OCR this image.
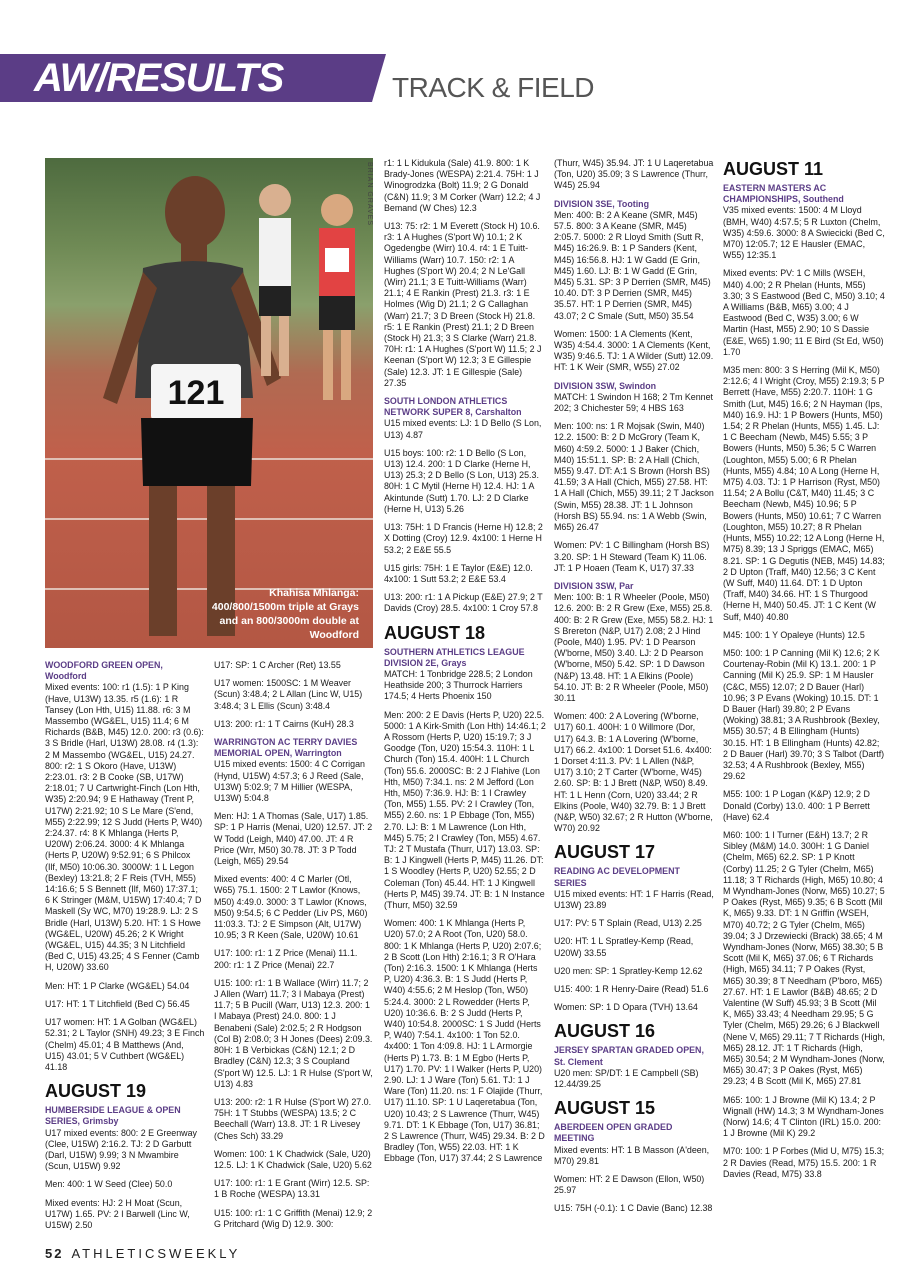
AW/RESULTS	TRACK & FIELD
121
Khahisa Mhlanga: 400/800/1500m triple at Grays and an 800/3000m double at Woodford
BRIAN GRAVES

WOODFORD GREEN OPEN, Woodford
Mixed events: 100: r1 (1.5): 1 P King (Have, U13W) 13.35. r5 (1.6): 1 R Tansey (Lon Hth, U15) 11.88. r6: 3 M Massembo (WG&EL, U15) 11.4; 6 M Richards (B&B, M45) 12.0. 200: r3 (0.6): 3 S Bridle (Harl, U13W) 28.08. r4 (1.3): 2 M Massembo (WG&EL, U15) 24.27. 800: r2: 1 S Okoro (Have, U13W) 2:23.01. r3: 2 B Cooke (SB, U17W) 2:18.01; 7 U Cartwright-Finch (Lon Hth, W35) 2:20.94; 9 E Hathaway (Trent P, U17W) 2:21.92; 10 S Le Mare (S'end, M55) 2:22.99; 12 S Judd (Herts P, W40) 2:24.37. r4: 8 K Mhlanga (Herts P, U20W) 2:06.24. 3000: 4 K Mhlanga (Herts P, U20W) 9:52.91; 6 S Philcox (Ilf, M50) 10:06.30. 3000W: 1 L Legon (Bexley) 13:21.8; 2 F Reis (TVH, M55) 14:16.6; 5 S Bennett (Ilf, M60) 17:37.1; 6 K Stringer (M&M, U15W) 17:40.4; 7 D Maskell (Sy WC, M70) 19:28.9. LJ: 2 S Bridle (Harl, U13W) 5.20. HT: 1 S Howe (WG&EL, U20W) 45.26; 2 K Wright (WG&EL, U15) 44.35; 3 N Litchfield (Bed C, U15) 43.25; 4 S Fenner (Camb H, U20W) 33.60

Men: HT: 1 P Clarke (WG&EL) 54.04

U17: HT: 1 T Litchfield (Bed C) 56.45

U17 women: HT: 1 A Golban (WG&EL) 52.31; 2 L Taylor (SNH) 49.23; 3 E Finch (Chelm) 45.01; 4 B Matthews (And, U15) 43.01; 5 V Cuthbert (WG&EL) 41.18

AUGUST 19

HUMBERSIDE LEAGUE & OPEN SERIES, Grimsby
U17 mixed events: 800: 2 E Greenway (Clee, U15W) 2:16.2. TJ: 2 D Garbutt (Darl, U15W) 9.99; 3 N Mwambire (Scun, U15W) 9.92

Men: 400: 1 W Seed (Clee) 50.0

Mixed events: HJ: 2 H Moat (Scun, U17W) 1.65. PV: 2 I Barwell (Linc W, U15W) 2.50

U17: SP: 1 C Archer (Ret) 13.55

U17 women: 1500SC: 1 M Weaver (Scun) 3:48.4; 2 L Allan (Linc W, U15) 3:48.4; 3 L Ellis (Scun) 3:48.4

U13: 200: r1: 1 T Cairns (KuH) 28.3

WARRINGTON AC TERRY DAVIES MEMORIAL OPEN, Warrington
U15 mixed events: 1500: 4 C Corrigan (Hynd, U15W) 4:57.3; 6 J Reed (Sale, U13W) 5:02.9; 7 M Hillier (WESPA, U13W) 5:04.8

Men: HJ: 1 A Thomas (Sale, U17) 1.85. SP: 1 P Harris (Menai, U20) 12.57. JT: 2 W Todd (Leigh, M40) 47.00. JT: 4 R Price (Wrr, M50) 30.78. JT: 3 P Todd (Leigh, M65) 29.54

Mixed events: 400: 4 C Marler (Otl, W65) 75.1. 1500: 2 T Lawlor (Knows, M50) 4:49.0. 3000: 3 T Lawlor (Knows, M50) 9:54.5; 6 C Pedder (Liv PS, M60) 11:03.3. TJ: 2 E Simpson (Alt, U17W) 10.95; 3 R Keen (Sale, U20W) 10.61

U17: 100: r1: 1 Z Price (Menai) 11.1. 200: r1: 1 Z Price (Menai) 22.7

U15: 100: r1: 1 B Wallace (Wirr) 11.7; 2 J Allen (Warr) 11.7; 3 I Mabaya (Prest) 11.7; 5 B Pucill (Warr, U13) 12.3. 200: 1 I Mabaya (Prest) 24.0. 800: 1 J Benabeni (Sale) 2:02.5; 2 R Hodgson (Col B) 2:08.0; 3 H Jones (Dees) 2:09.3. 80H: 1 B Verbickas (C&N) 12.1; 2 D Bradley (C&N) 12.3; 3 S Coupland (S'port W) 12.5. LJ: 1 R Hulse (S'port W, U13) 4.83

U13: 200: r2: 1 R Hulse (S'port W) 27.0. 75H: 1 T Stubbs (WESPA) 13.5; 2 C Beechall (Warr) 13.8. JT: 1 R Livesey (Ches Sch) 33.29

Women: 100: 1 K Chadwick (Sale, U20) 12.5. LJ: 1 K Chadwick (Sale, U20) 5.62

U17: 100: r1: 1 E Grant (Wirr) 12.5. SP: 1 B Roche (WESPA) 13.31

U15: 100: r1: 1 C Griffith (Menai) 12.9; 2 G Pritchard (Wig D) 12.9. 300:

r1: 1 L Kidukula (Sale) 41.9. 800: 1 K Brady-Jones (WESPA) 2:21.4. 75H: 1 J Winogrodzka (Bolt) 11.9; 2 G Donald (C&N) 11.9; 3 M Corker (Warr) 12.2; 4 J Bemand (W Ches) 12.3

U13: 75: r2: 1 M Everett (Stock H) 10.6. r3: 1 A Hughes (S'port W) 10.1; 2 K Ogedengbe (Wirr) 10.4. r4: 1 E Tuitt-Williams (Warr) 10.7. 150: r2: 1 A Hughes (S'port W) 20.4; 2 N Le'Gall (Wirr) 21.1; 3 E Tuitt-Williams (Warr) 21.1; 4 E Rankin (Prest) 21.3. r3: 1 E Holmes (Wig D) 21.1; 2 G Callaghan (Warr) 21.7; 3 D Breen (Stock H) 21.8. r5: 1 E Rankin (Prest) 21.1; 2 D Breen (Stock H) 21.3; 3 S Clarke (Warr) 21.8. 70H: r1: 1 A Hughes (S'port W) 11.5; 2 J Keenan (S'port W) 12.3; 3 E Gillespie (Sale) 12.3. JT: 1 E Gillespie (Sale) 27.35

SOUTH LONDON ATHLETICS NETWORK SUPER 8, Carshalton
U15 mixed events: LJ: 1 D Bello (S Lon, U13) 4.87

U15 boys: 100: r2: 1 D Bello (S Lon, U13) 12.4. 200: 1 D Clarke (Herne H, U13) 25.3; 2 D Bello (S Lon, U13) 25.3. 80H: 1 C Mytil (Herne H) 12.4. HJ: 1 A Akintunde (Sutt) 1.70. LJ: 2 D Clarke (Herne H, U13) 5.26

U13: 75H: 1 D Francis (Herne H) 12.8; 2 X Dotting (Croy) 12.9. 4x100: 1 Herne H 53.2; 2 E&E 55.5

U15 girls: 75H: 1 E Taylor (E&E) 12.0. 4x100: 1 Sutt 53.2; 2 E&E 53.4

U13: 200: r1: 1 A Pickup (E&E) 27.9; 2 T Davids (Croy) 28.5. 4x100: 1 Croy 57.8

AUGUST 18

SOUTHERN ATHLETICS LEAGUE DIVISION 2E, Grays
MATCH: 1 Tonbridge 228.5; 2 London Heathside 200; 3 Thurrock Harriers 174.5; 4 Herts Phoenix 150

Men: 200: 2 E Davis (Herts P, U20) 22.5. 5000: 1 A Kirk-Smith (Lon Hth) 14:46.1; 2 A Rossom (Herts P, U20) 15:19.7; 3 J Goodge (Ton, U20) 15:54.3. 110H: 1 L Church (Ton) 15.4. 400H: 1 L Church (Ton) 55.6. 2000SC: B: 2 J Flahive (Lon Hth, M50) 7:34.1. ns: 2 M Jefford (Lon Hth, M50) 7:36.9. HJ: B: 1 I Crawley (Ton, M55) 1.55. PV: 2 I Crawley (Ton, M55) 2.60. ns: 1 P Ebbage (Ton, M55) 2.70. LJ: B: 1 M Lawrence (Lon Hth, M45) 5.75; 2 I Crawley (Ton, M55) 4.67. TJ: 2 T Mustafa (Thurr, U17) 13.03. SP: B: 1 J Kingwell (Herts P, M45) 11.26. DT: 1 S Woodley (Herts P, U20) 52.55; 2 D Coleman (Ton) 45.44. HT: 1 J Kingwell (Herts P, M45) 39.74. JT: B: 1 N Instance (Thurr, M50) 32.59

Women: 400: 1 K Mhlanga (Herts P, U20) 57.0; 2 A Root (Ton, U20) 58.0. 800: 1 K Mhlanga (Herts P, U20) 2:07.6; 2 B Scott (Lon Hth) 2:16.1; 3 R O'Hara (Ton) 2:16.3. 1500: 1 K Mhlanga (Herts P, U20) 4:36.3. B: 1 S Judd (Herts P, W40) 4:55.6; 2 M Heslop (Ton, W50) 5:24.4. 3000: 2 L Rowedder (Herts P, U20) 10:36.6. B: 2 S Judd (Herts P, W40) 10:54.8. 2000SC: 1 S Judd (Herts P, W40) 7:54.1. 4x100: 1 Ton 52.0. 4x400: 1 Ton 4:09.8. HJ: 1 L Armorgie (Herts P) 1.73. B: 1 M Egbo (Herts P, U17) 1.70. PV: 1 I Walker (Herts P, U20) 2.90. LJ: 1 J Ware (Ton) 5.61. TJ: 1 J Ware (Ton) 11.20. ns: 1 F Olajide (Thurr, U17) 11.10. SP: 1 U Laqeretabua (Ton, U20) 10.43; 2 S Lawrence (Thurr, W45) 9.71. DT: 1 K Ebbage (Ton, U17) 36.81; 2 S Lawrence (Thurr, W45) 29.34. B: 2 D Bradley (Ton, W55) 22.03. HT: 1 K Ebbage (Ton, U17) 37.44; 2 S Lawrence

(Thurr, W45) 35.94. JT: 1 U Laqeretabua (Ton, U20) 35.09; 3 S Lawrence (Thurr, W45) 25.94

DIVISION 3SE, Tooting
Men: 400: B: 2 A Keane (SMR, M45) 57.5. 800: 3 A Keane (SMR, M45) 2:05.7. 5000: 2 R Lloyd Smith (Sutt R, M45) 16:26.9. B: 1 P Sanders (Kent, M45) 16:56.8. HJ: 1 W Gadd (E Grin, M45) 1.60. LJ: B: 1 W Gadd (E Grin, M45) 5.31. SP: 3 P Derrien (SMR, M45) 10.40. DT: 3 P Derrien (SMR, M45) 35.57. HT: 1 P Derrien (SMR, M45) 43.07; 2 C Smale (Sutt, M50) 35.54

Women: 1500: 1 A Clements (Kent, W35) 4:54.4. 3000: 1 A Clements (Kent, W35) 9:46.5. TJ: 1 A Wilder (Sutt) 12.09. HT: 1 K Weir (SMR, W55) 27.02

DIVISION 3SW, Swindon
MATCH: 1 Swindon H 168; 2 Tm Kennet 202; 3 Chichester 59; 4 HBS 163

Men: 100: ns: 1 R Mojsak (Swin, M40) 12.2. 1500: B: 2 D McGrory (Team K, M60) 4:59.2. 5000: 1 J Baker (Chich, M40) 15:51.1. SP: B: 2 A Hall (Chich, M55) 9.47. DT: A:1 S Brown (Horsh BS) 41.59; 3 A Hall (Chich, M55) 27.58. HT: 1 A Hall (Chich, M55) 39.11; 2 T Jackson (Swin, M55) 28.38. JT: 1 L Johnson (Horsh BS) 55.94. ns: 1 A Webb (Swin, M65) 26.47

Women: PV: 1 C Billingham (Horsh BS) 3.20. SP: 1 H Steward (Team K) 11.06. JT: 1 P Hoaen (Team K, U17) 37.33

DIVISION 3SW, Par
Men: 100: B: 1 R Wheeler (Poole, M50) 12.6. 200: B: 2 R Grew (Exe, M55) 25.8. 400: B: 2 R Grew (Exe, M55) 58.2. HJ: 1 S Brereton (N&P, U17) 2.08; 2 J Hind (Poole, M40) 1.95. PV: 1 D Pearson (W'borne, M50) 3.40. LJ: 2 D Pearson (W'borne, M50) 5.42. SP: 1 D Dawson (N&P) 13.48. HT: 1 A Elkins (Poole) 54.10. JT: B: 2 R Wheeler (Poole, M50) 30.11

Women: 400: 2 A Lovering (W'borne, U17) 60.1. 400H: 1 0 Willmore (Dor, U17) 64.3. B: 1 A Lovering (W'borne, U17) 66.2. 4x100: 1 Dorset 51.6. 4x400: 1 Dorset 4:11.3. PV: 1 L Allen (N&P, U17) 3.10; 2 T Carter (W'borne, W45) 2.60. SP: B: 1 J Brett (N&P, W50) 8.49. HT: 1 L Henn (Corn, U20) 33.44; 2 R Elkins (Poole, W40) 32.79. B: 1 J Brett (N&P, W50) 32.67; 2 R Hutton (W'borne, W70) 20.92

AUGUST 17

READING AC DEVELOPMENT SERIES
U15 mixed events: HT: 1 F Harris (Read, U13W) 23.89

U17: PV: 5 T Splain (Read, U13) 2.25

U20: HT: 1 L Spratley-Kemp (Read, U20W) 33.55

U20 men: SP: 1 Spratley-Kemp 12.62

U15: 400: 1 R Henry-Daire (Read) 51.6

Women: SP: 1 D Opara (TVH) 13.64

AUGUST 16

JERSEY SPARTAN GRADED OPEN, St. Clement
U20 men: SP/DT: 1 E Campbell (SB) 12.44/39.25

AUGUST 15

ABERDEEN OPEN GRADED MEETING
Mixed events: HT: 1 B Masson (A'deen, M70) 29.81

Women: HT: 2 E Dawson (Ellon, W50) 25.97

U15: 75H (-0.1): 1 C Davie (Banc) 12.38

AUGUST 11

EASTERN MASTERS AC CHAMPIONSHIPS, Southend
V35 mixed events: 1500: 4 M Lloyd (BMH, W40) 4:57.5; 5 R Luxton (Chelm, W35) 4:59.6. 3000: 8 A Swiecicki (Bed C, M70) 12:05.7; 12 E Hausler (EMAC, W55) 12:35.1

Mixed events: PV: 1 C Mills (WSEH, M40) 4.00; 2 R Phelan (Hunts, M55) 3.30; 3 S Eastwood (Bed C, M50) 3.10; 4 A Williams (B&B, M65) 3.00; 4 J Eastwood (Bed C, W35) 3.00; 6 W Martin (Hast, M55) 2.90; 10 S Dassie (E&E, W65) 1.90; 11 E Bird (St Ed, W50) 1.70

M35 men: 800: 3 S Herring (Mil K, M50) 2:12.6; 4 I Wright (Croy, M55) 2:19.3; 5 P Berrett (Have, M55) 2:20.7. 110H: 1 G Smith (Lut, M45) 16.6; 2 N Hayman (Ips, M40) 16.9. HJ: 1 P Bowers (Hunts, M50) 1.54; 2 R Phelan (Hunts, M55) 1.45. LJ: 1 C Beecham (Newb, M45) 5.55; 3 P Bowers (Hunts, M50) 5.36; 5 C Warren (Loughton, M55) 5.00; 6 R Phelan (Hunts, M55) 4.84; 10 A Long (Herne H, M75) 4.03. TJ: 1 P Harrison (Ryst, M50) 11.54; 2 A Bollu (C&T, M40) 11.45; 3 C Beecham (Newb, M45) 10.96; 5 P Bowers (Hunts, M50) 10.61; 7 C Warren (Loughton, M55) 10.27; 8 R Phelan (Hunts, M55) 10.22; 12 A Long (Herne H, M75) 8.39; 13 J Spriggs (EMAC, M65) 8.21. SP: 1 G Degutis (NEB, M45) 14.83; 2 D Upton (Traff, M40) 12.56; 3 C Kent (W Suff, M40) 11.64. DT: 1 D Upton (Traff, M40) 34.66. HT: 1 S Thurgood (Herne H, M40) 50.45. JT: 1 C Kent (W Suff, M40) 40.80

M45: 100: 1 Y Opaleye (Hunts) 12.5

M50: 100: 1 P Canning (Mil K) 12.6; 2 K Courtenay-Robin (Mil K) 13.1. 200: 1 P Canning (Mil K) 25.9. SP: 1 M Hausler (C&C, M55) 12.07; 2 D Bauer (Harl) 10.96; 3 P Evans (Woking) 10.15. DT: 1 D Bauer (Harl) 39.80; 2 P Evans (Woking) 38.81; 3 A Rushbrook (Bexley, M55) 30.57; 4 B Ellingham (Hunts) 30.15. HT: 1 B Ellingham (Hunts) 42.82; 2 D Bauer (Harl) 39.70; 3 S Talbot (Dartf) 32.53; 4 A Rushbrook (Bexley, M55) 29.62

M55: 100: 1 P Logan (K&P) 12.9; 2 D Donald (Corby) 13.0. 400: 1 P Berrett (Have) 62.4

M60: 100: 1 I Turner (E&H) 13.7; 2 R Sibley (M&M) 14.0. 300H: 1 G Daniel (Chelm, M65) 62.2. SP: 1 P Knott (Corby) 11.25; 2 G Tyler (Chelm, M65) 11.18; 3 T Richards (High, M65) 10.80; 4 M Wyndham-Jones (Norw, M65) 10.27; 5 P Oakes (Ryst, M65) 9.35; 6 B Scott (Mil K, M65) 9.33. DT: 1 N Griffin (WSEH, M70) 40.72; 2 G Tyler (Chelm, M65) 39.04; 3 J Drzewiecki (Brack) 38.65; 4 M Wyndham-Jones (Norw, M65) 38.30; 5 B Scott (Mil K, M65) 37.06; 6 T Richards (High, M65) 34.11; 7 P Oakes (Ryst, M65) 30.39; 8 T Needham (P'boro, M65) 27.67. HT: 1 E Lawlor (B&B) 48.65; 2 D Valentine (W Suff) 45.93; 3 B Scott (Mil K, M65) 33.43; 4 Needham 29.95; 5 G Tyler (Chelm, M65) 29.26; 6 J Blackwell (Nene V, M65) 29.11; 7 T Richards (High, M65) 28.12. JT: 1 T Richards (High, M65) 30.54; 2 M Wyndham-Jones (Norw, M65) 30.47; 3 P Oakes (Ryst, M65) 29.23; 4 B Scott (Mil K, M65) 27.81

M65: 100: 1 J Browne (Mil K) 13.4; 2 P Wignall (HW) 14.3; 3 M Wyndham-Jones (Norw) 14.6; 4 T Clinton (IRL) 15.0. 200: 1 J Browne (Mil K) 29.2

M70: 100: 1 P Forbes (Mid U, M75) 15.3; 2 R Davies (Read, M75) 15.5. 200: 1 R Davies (Read, M75) 33.8

52 ATHLETICSWEEKLY
